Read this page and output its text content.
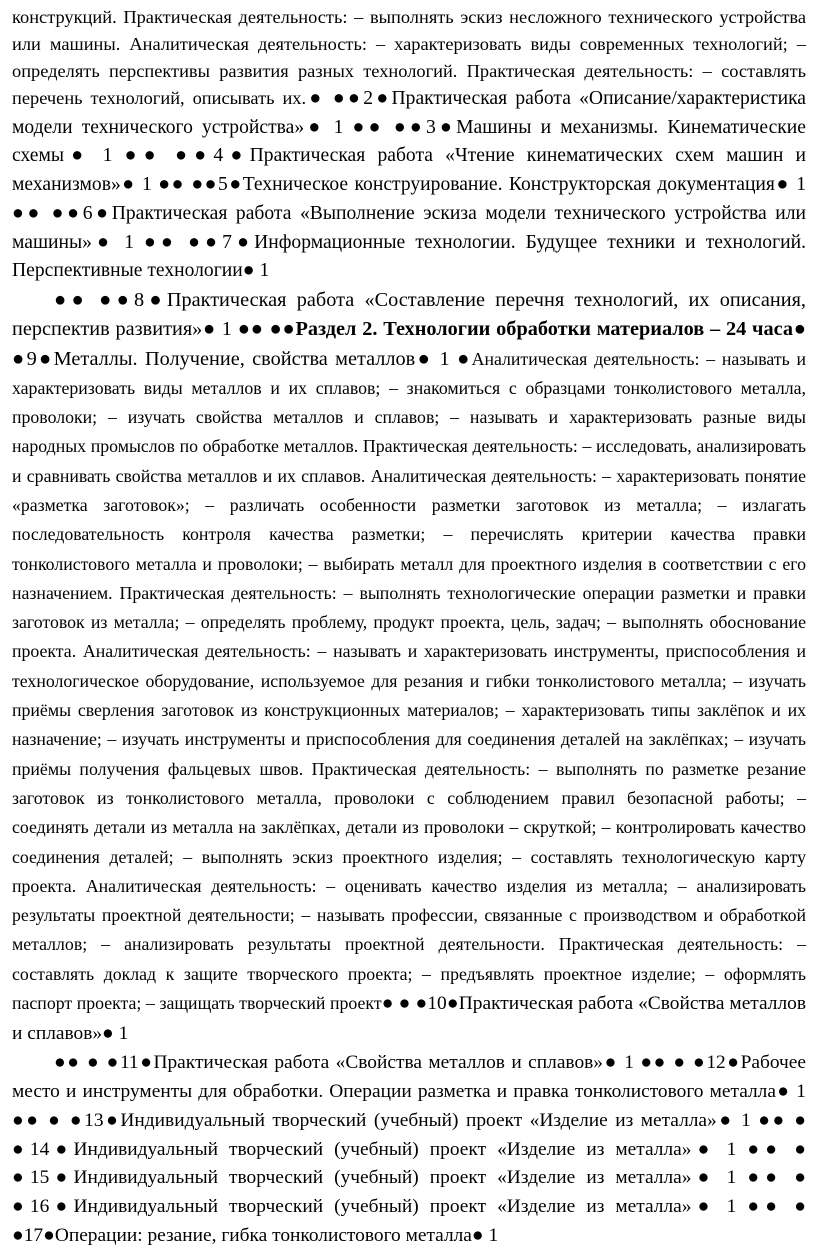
конструкций. Практическая деятельность: – выполнять эскиз несложного технического устройства или машины. Аналитическая деятельность: – характеризовать виды современных технологий; – определять перспективы развития разных технологий. Практическая деятельность: – составлять перечень технологий, описывать их.● ●●2●Практическая работа «Описание/характеристика модели технического устройства»● 1 ●● ●●3●Машины и механизмы. Кинематические схемы● 1 ●● ●●4●Практическая работа «Чтение кинематических схем машин и механизмов»● 1 ●● ●●5●Техническое конструирование. Конструкторская документация● 1 ●● ●●6●Практическая работа «Выполнение эскиза модели технического устройства или машины»● 1 ●● ●●7●Информационные технологии. Будущее техники и технологий. Перспективные технологии● 1

●● ●●8●Практическая работа «Составление перечня технологий, их описания, перспектив развития»● 1 ●● ●●Раздел 2. Технологии обработки материалов – 24 часа● ●9●Металлы. Получение, свойства металлов● 1 ●Аналитическая деятельность: – называть и характеризовать виды металлов и их сплавов; – знакомиться с образцами тонколистового металла, проволоки; – изучать свойства металлов и сплавов; – называть и характеризовать разные виды народных промыслов по обработке металлов. Практическая деятельность: – исследовать, анализировать и сравнивать свойства металлов и их сплавов. Аналитическая деятельность: – характеризовать понятие «разметка заготовок»; – различать особенности разметки заготовок из металла; – излагать последовательность контроля качества разметки; – перечислять критерии качества правки тонколистового металла и проволоки; – выбирать металл для проектного изделия в соответствии с его назначением. Практическая деятельность: – выполнять технологические операции разметки и правки заготовок из металла; – определять проблему, продукт проекта, цель, задач; – выполнять обоснование проекта. Аналитическая деятельность: – называть и характеризовать инструменты, приспособления и технологическое оборудование, используемое для резания и гибки тонколистового металла; – изучать приёмы сверления заготовок из конструкционных материалов; – характеризовать типы заклёпок и их назначение; – изучать инструменты и приспособления для соединения деталей на заклёпках; – изучать приёмы получения фальцевых швов. Практическая деятельность: – выполнять по разметке резание заготовок из тонколистового металла, проволоки с соблюдением правил безопасной работы; – соединять детали из металла на заклёпках, детали из проволоки – скруткой; – контролировать качество соединения деталей; – выполнять эскиз проектного изделия; – составлять технологическую карту проекта. Аналитическая деятельность: – оценивать качество изделия из металла; – анализировать результаты проектной деятельности; – называть профессии, связанные с производством и обработкой металлов; – анализировать результаты проектной деятельности. Практическая деятельность: – составлять доклад к защите творческого проекта; – предъявлять проектное изделие; – оформлять паспорт проекта; – защищать творческий проект● ● ●10●Практическая работа «Свойства металлов и сплавов»● 1

●● ● ●11●Практическая работа «Свойства металлов и сплавов»● 1 ●● ● ●12●Рабочее место и инструменты для обработки. Операции разметка и правка тонколистового металла● 1 ●● ● ●13●Индивидуальный творческий (учебный) проект «Изделие из металла»● 1 ●● ● ●14●Индивидуальный творческий (учебный) проект «Изделие из металла»● 1 ●● ● ●15●Индивидуальный творческий (учебный) проект «Изделие из металла»● 1 ●● ● ●16●Индивидуальный творческий (учебный) проект «Изделие из металла»● 1 ●● ● ●17●Операции: резание, гибка тонколистового металла● 1
